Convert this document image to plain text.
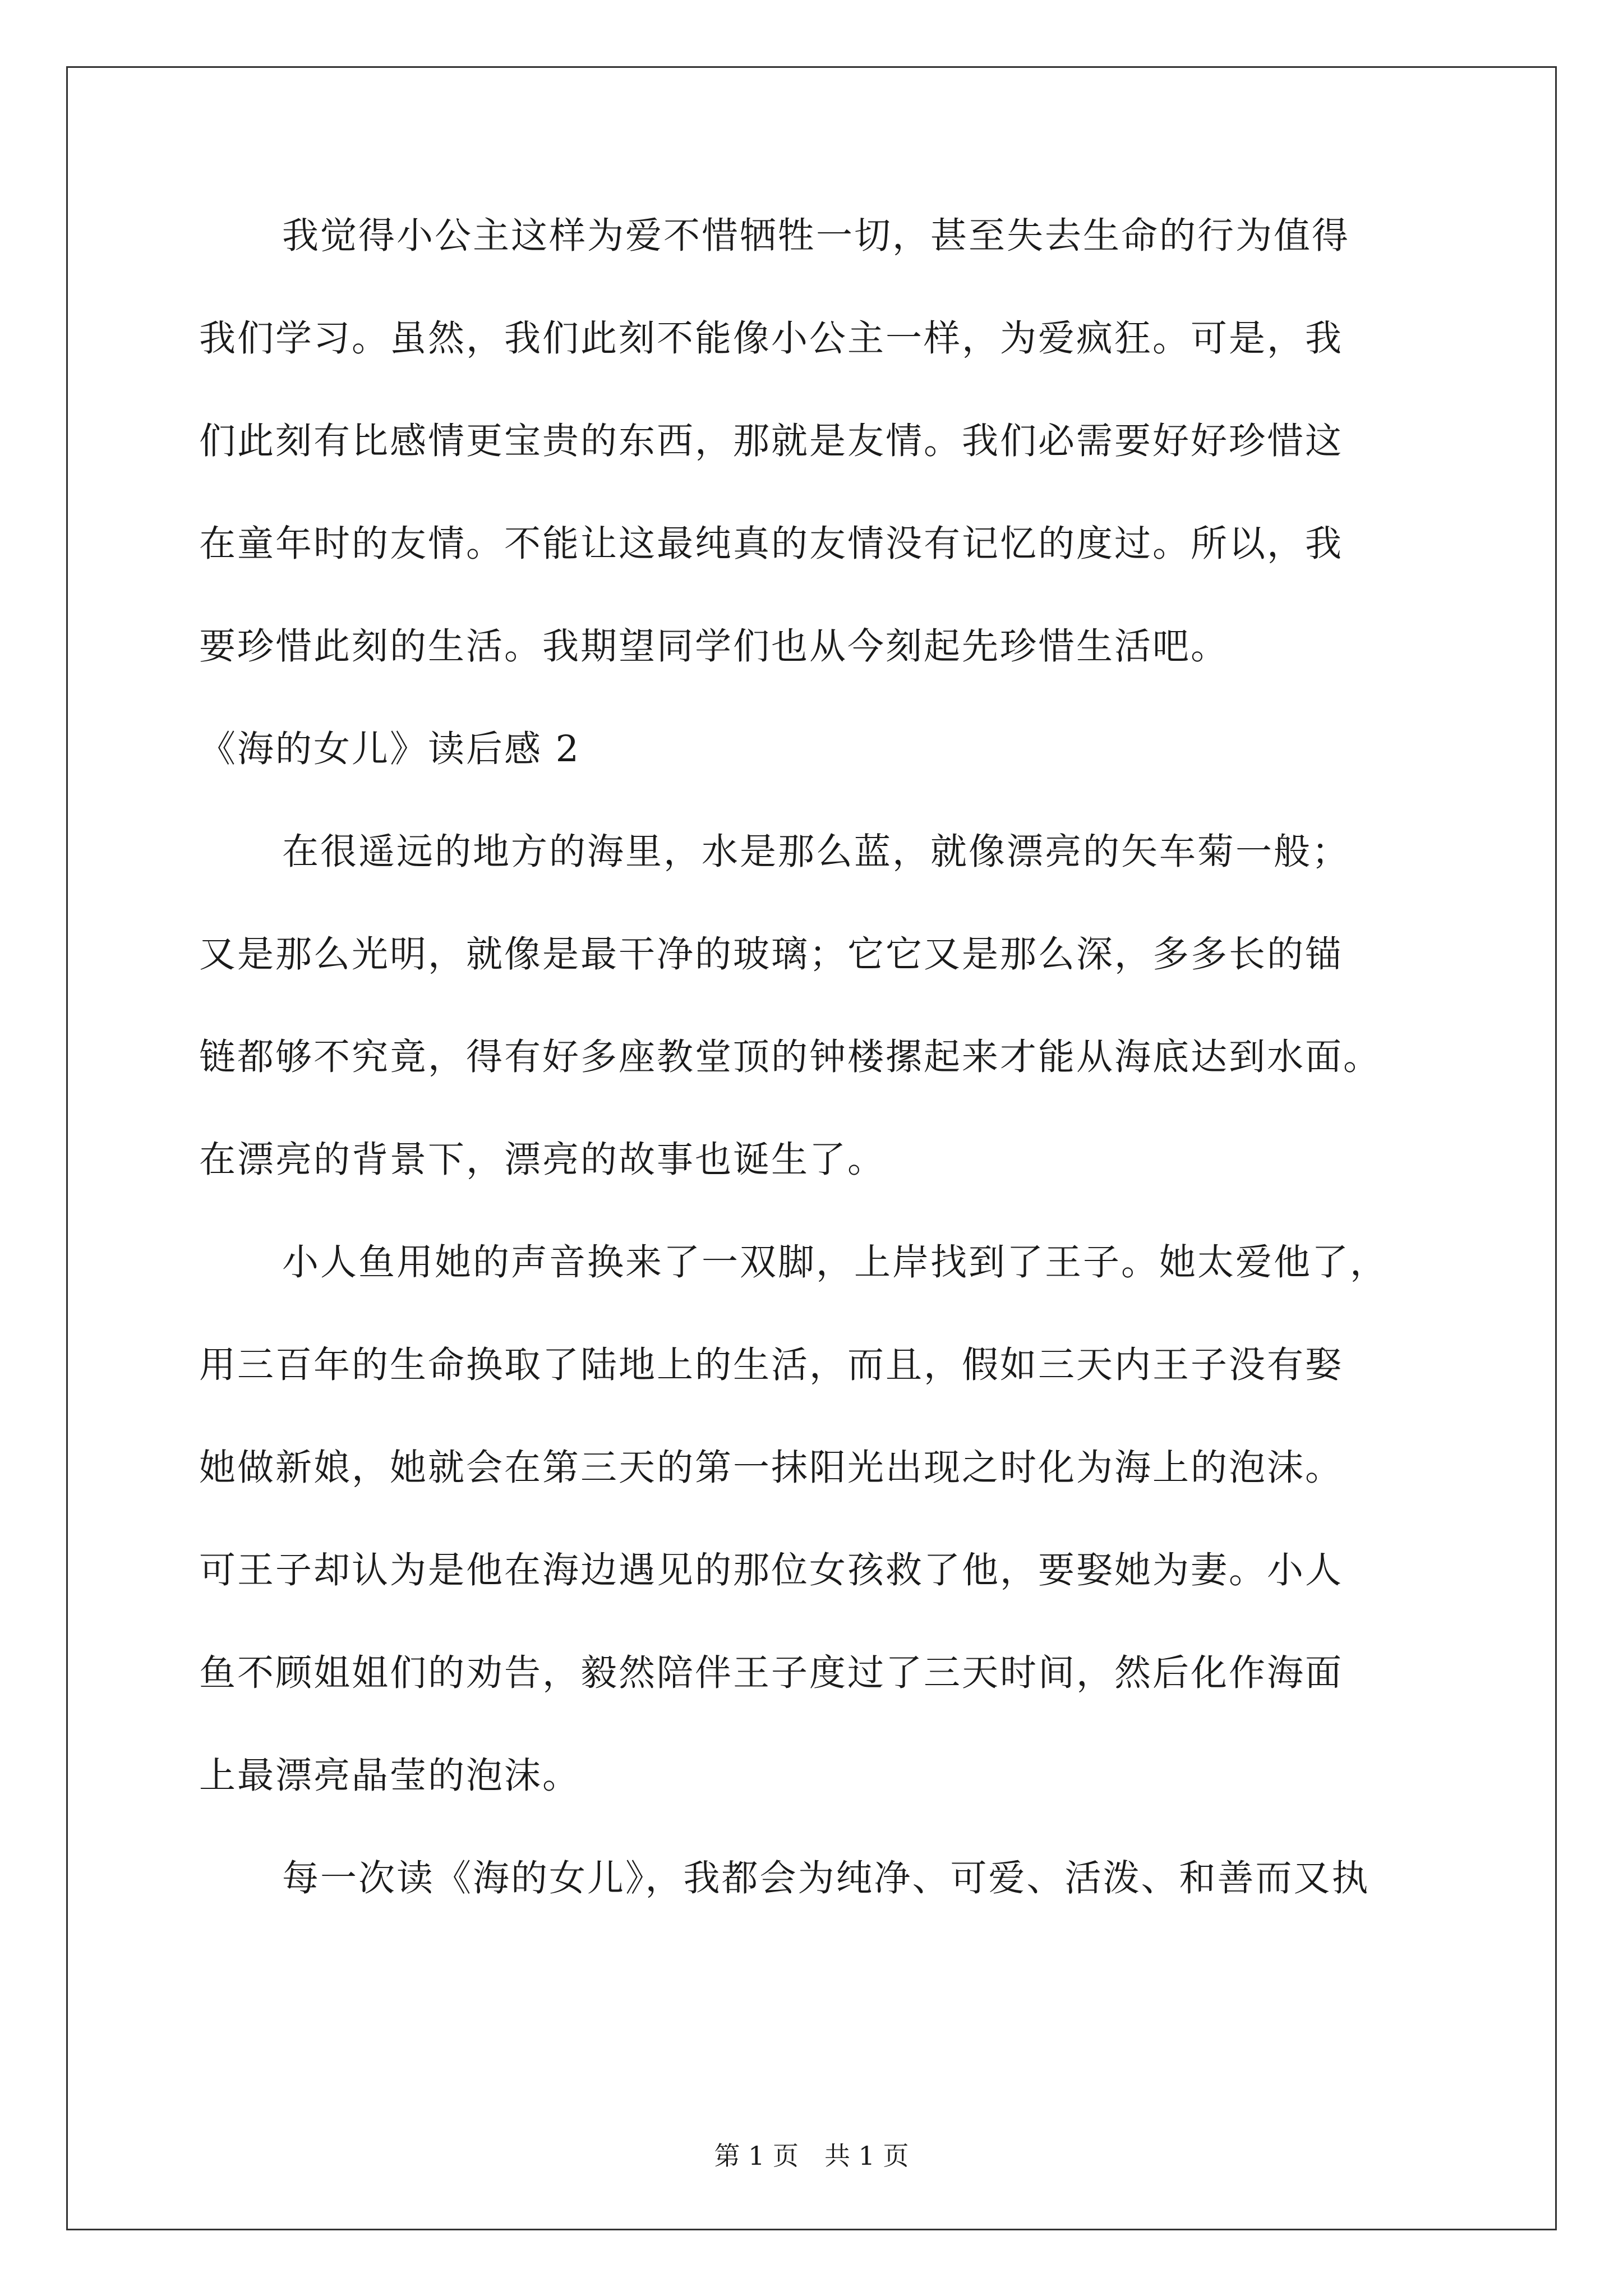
我觉得小公主这样为爱不惜牺牲一切，甚至失去生命的行为值得

我们学习。虽然，我们此刻不能像小公主一样，为爱疯狂。可是，我

们此刻有比感情更宝贵的东西，那就是友情。我们必需要好好珍惜这

在童年时的友情。不能让这最纯真的友情没有记忆的度过。所以，我

要珍惜此刻的生活。我期望同学们也从今刻起先珍惜生活吧。

《海的女儿》读后感 2

在很遥远的地方的海里，水是那么蓝，就像漂亮的矢车菊一般；

又是那么光明，就像是最干净的玻璃；它它又是那么深，多多长的锚

链都够不究竟，得有好多座教堂顶的钟楼摞起来才能从海底达到水面。

在漂亮的背景下，漂亮的故事也诞生了。

小人鱼用她的声音换来了一双脚，上岸找到了王子。她太爱他了，

用三百年的生命换取了陆地上的生活，而且，假如三天内王子没有娶

她做新娘，她就会在第三天的第一抹阳光出现之时化为海上的泡沫。

可王子却认为是他在海边遇见的那位女孩救了他，要娶她为妻。小人

鱼不顾姐姐们的劝告，毅然陪伴王子度过了三天时间，然后化作海面

上最漂亮晶莹的泡沫。

每一次读《海的女儿》，我都会为纯净、可爱、活泼、和善而又执

第 1 页　共 1 页
